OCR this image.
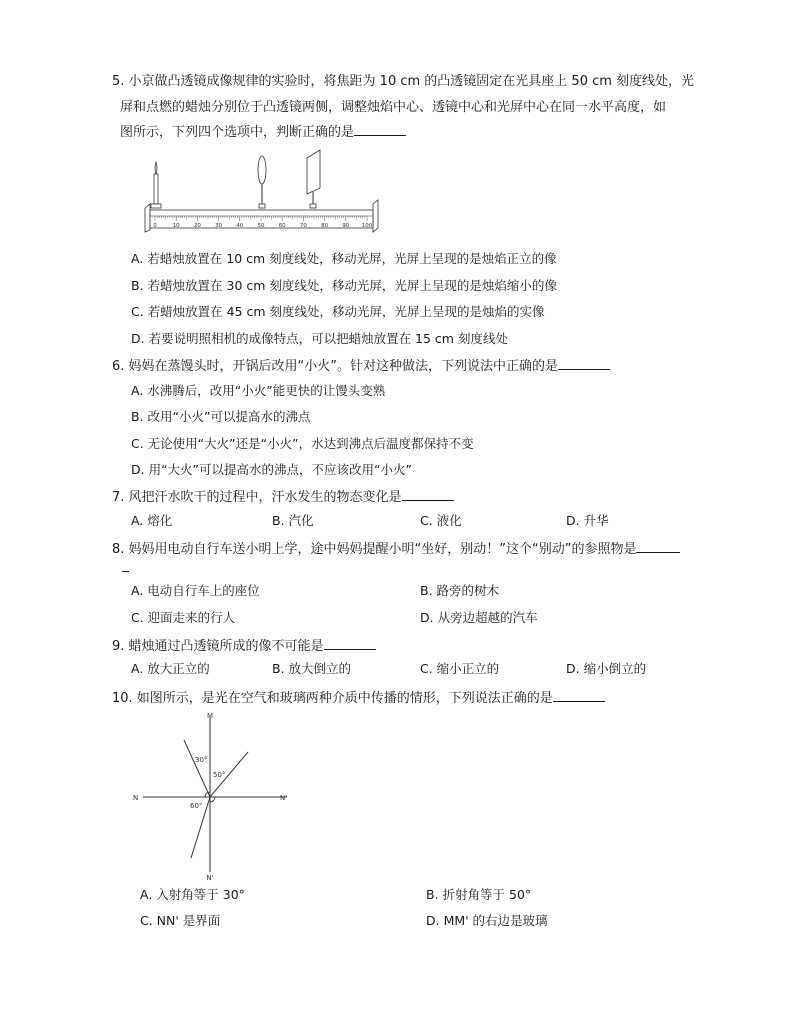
5. 小京做凸透镜成像规律的实验时，将焦距为 10 cm 的凸透镜固定在光具座上 50 cm 刻度线处，光
屏和点燃的蜡烛分别位于凸透镜两侧，调整烛焰中心、透镜中心和光屏中心在同一水平高度，如
图所示，下列四个选项中，判断正确的是
0	10	20	30	40	50	60	70	80	90 100
A. 若蜡烛放置在 10 cm 刻度线处，移动光屏，光屏上呈现的是烛焰正立的像
B. 若蜡烛放置在 30 cm 刻度线处，移动光屏，光屏上呈现的是烛焰缩小的像
C. 若蜡烛放置在 45 cm 刻度线处，移动光屏，光屏上呈现的是烛焰的实像
D. 若要说明照相机的成像特点，可以把蜡烛放置在 15 cm 刻度线处
6. 妈妈在蒸馒头时，开锅后改用“小火”。针对这种做法，下列说法中正确的是
A. 水沸腾后，改用“小火”能更快的让馒头变熟
B. 改用“小火”可以提高水的沸点
C. 无论使用“大火”还是“小火”，水达到沸点后温度都保持不变
D. 用“大火”可以提高水的沸点，不应该改用“小火”
7. 风把汗水吹干的过程中，汗水发生的物态变化是
A. 熔化	B. 汽化	C. 液化	D. 升华
8. 妈妈用电动自行车送小明上学，途中妈妈提醒小明“坐好，别动！”这个“别动”的参照物是
A. 电动自行车上的座位	B. 路旁的树木
C. 迎面走来的行人	D. 从旁边超越的汽车
9. 蜡烛通过凸透镜所成的像不可能是
A. 放大正立的	B. 放大倒立的	C. 缩小正立的	D. 缩小倒立的
10. 如图所示，是光在空气和玻璃两种介质中传播的情形，下列说法正确的是
M
N'
N	N'
30°
50°
60°
A. 入射角等于 30°	B. 折射角等于 50°
C. NN' 是界面	D. MM' 的右边是玻璃
